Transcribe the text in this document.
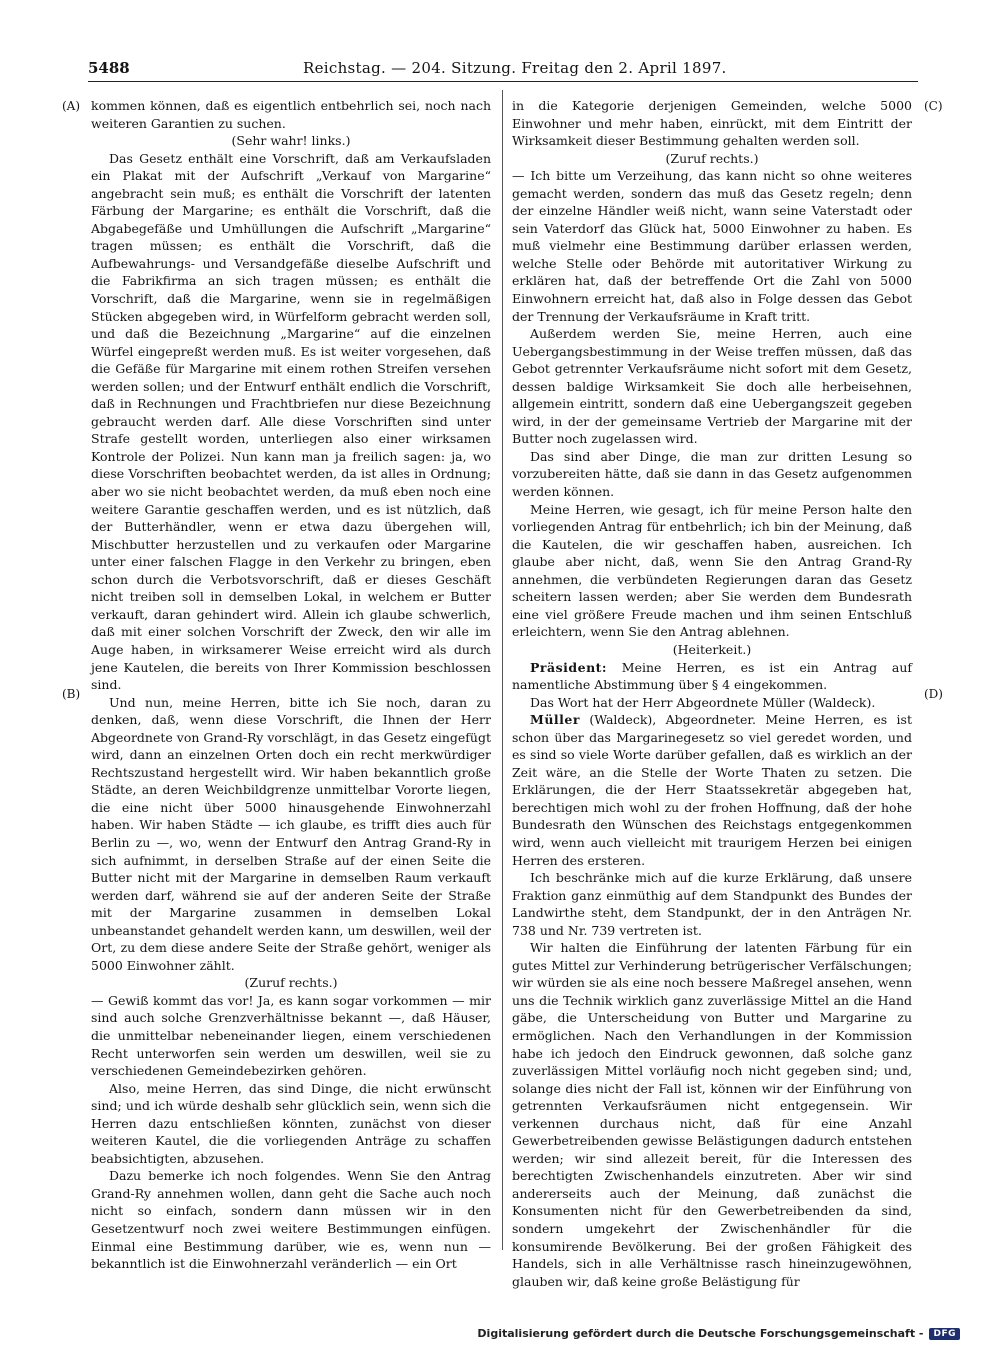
5488	Reichstag. — 204. Sitzung. Freitag den 2. April 1897.
(A)
(B)
(C)
(D)

kommen können, daß es eigentlich entbehrlich sei, noch nach weiteren Garantien zu suchen.

(Sehr wahr! links.)

Das Gesetz enthält eine Vorschrift, daß am Verkaufsladen ein Plakat mit der Aufschrift „Verkauf von Margarine“ angebracht sein muß; es enthält die Vorschrift der latenten Färbung der Margarine; es enthält die Vorschrift, daß die Abgabegefäße und Umhüllungen die Aufschrift „Margarine“ tragen müssen; es enthält die Vorschrift, daß die Aufbewahrungs- und Versandgefäße dieselbe Aufschrift und die Fabrikfirma an sich tragen müssen; es enthält die Vorschrift, daß die Margarine, wenn sie in regelmäßigen Stücken abgegeben wird, in Würfelform gebracht werden soll, und daß die Bezeichnung „Margarine“ auf die einzelnen Würfel eingepreßt werden muß. Es ist weiter vorgesehen, daß die Gefäße für Margarine mit einem rothen Streifen versehen werden sollen; und der Entwurf enthält endlich die Vorschrift, daß in Rechnungen und Frachtbriefen nur diese Bezeichnung gebraucht werden darf. Alle diese Vorschriften sind unter Strafe gestellt worden, unterliegen also einer wirksamen Kontrole der Polizei. Nun kann man ja freilich sagen: ja, wo diese Vorschriften beobachtet werden, da ist alles in Ordnung; aber wo sie nicht beobachtet werden, da muß eben noch eine weitere Garantie geschaffen werden, und es ist nützlich, daß der Butterhändler, wenn er etwa dazu übergehen will, Mischbutter herzustellen und zu verkaufen oder Margarine unter einer falschen Flagge in den Verkehr zu bringen, eben schon durch die Verbotsvorschrift, daß er dieses Geschäft nicht treiben soll in demselben Lokal, in welchem er Butter verkauft, daran gehindert wird. Allein ich glaube schwerlich, daß mit einer solchen Vorschrift der Zweck, den wir alle im Auge haben, in wirksamerer Weise erreicht wird als durch jene Kautelen, die bereits von Ihrer Kommission beschlossen sind.

Und nun, meine Herren, bitte ich Sie noch, daran zu denken, daß, wenn diese Vorschrift, die Ihnen der Herr Abgeordnete von Grand-Ry vorschlägt, in das Gesetz eingefügt wird, dann an einzelnen Orten doch ein recht merkwürdiger Rechtszustand hergestellt wird. Wir haben bekanntlich große Städte, an deren Weichbildgrenze unmittelbar Vororte liegen, die eine nicht über 5000 hinausgehende Einwohnerzahl haben. Wir haben Städte — ich glaube, es trifft dies auch für Berlin zu —, wo, wenn der Entwurf den Antrag Grand-Ry in sich aufnimmt, in derselben Straße auf der einen Seite die Butter nicht mit der Margarine in demselben Raum verkauft werden darf, während sie auf der anderen Seite der Straße mit der Margarine zusammen in demselben Lokal unbeanstandet gehandelt werden kann, um deswillen, weil der Ort, zu dem diese andere Seite der Straße gehört, weniger als 5000 Einwohner zählt.

(Zuruf rechts.)

— Gewiß kommt das vor! Ja, es kann sogar vorkommen — mir sind auch solche Grenzverhältnisse bekannt —, daß Häuser, die unmittelbar nebeneinander liegen, einem verschiedenen Recht unterworfen sein werden um deswillen, weil sie zu verschiedenen Gemeindebezirken gehören.

Also, meine Herren, das sind Dinge, die nicht erwünscht sind; und ich würde deshalb sehr glücklich sein, wenn sich die Herren dazu entschließen könnten, zunächst von dieser weiteren Kautel, die die vorliegenden Anträge zu schaffen beabsichtigten, abzusehen.

Dazu bemerke ich noch folgendes. Wenn Sie den Antrag Grand-Ry annehmen wollen, dann geht die Sache auch noch nicht so einfach, sondern dann müssen wir in den Gesetzentwurf noch zwei weitere Bestimmungen einfügen. Einmal eine Bestimmung darüber, wie es, wenn nun — bekanntlich ist die Einwohnerzahl veränderlich — ein Ort

in die Kategorie derjenigen Gemeinden, welche 5000 Einwohner und mehr haben, einrückt, mit dem Eintritt der Wirksamkeit dieser Bestimmung gehalten werden soll.

(Zuruf rechts.)

— Ich bitte um Verzeihung, das kann nicht so ohne weiteres gemacht werden, sondern das muß das Gesetz regeln; denn der einzelne Händler weiß nicht, wann seine Vaterstadt oder sein Vaterdorf das Glück hat, 5000 Einwohner zu haben. Es muß vielmehr eine Bestimmung darüber erlassen werden, welche Stelle oder Behörde mit autoritativer Wirkung zu erklären hat, daß der betreffende Ort die Zahl von 5000 Einwohnern erreicht hat, daß also in Folge dessen das Gebot der Trennung der Verkaufsräume in Kraft tritt.

Außerdem werden Sie, meine Herren, auch eine Uebergangsbestimmung in der Weise treffen müssen, daß das Gebot getrennter Verkaufsräume nicht sofort mit dem Gesetz, dessen baldige Wirksamkeit Sie doch alle herbeisehnen, allgemein eintritt, sondern daß eine Uebergangszeit gegeben wird, in der der gemeinsame Vertrieb der Margarine mit der Butter noch zugelassen wird.

Das sind aber Dinge, die man zur dritten Lesung so vorzubereiten hätte, daß sie dann in das Gesetz aufgenommen werden können.

Meine Herren, wie gesagt, ich für meine Person halte den vorliegenden Antrag für entbehrlich; ich bin der Meinung, daß die Kautelen, die wir geschaffen haben, ausreichen. Ich glaube aber nicht, daß, wenn Sie den Antrag Grand-Ry annehmen, die verbündeten Regierungen daran das Gesetz scheitern lassen werden; aber Sie werden dem Bundesrath eine viel größere Freude machen und ihm seinen Entschluß erleichtern, wenn Sie den Antrag ablehnen.

(Heiterkeit.)

Präsident: Meine Herren, es ist ein Antrag auf namentliche Abstimmung über § 4 eingekommen.

Das Wort hat der Herr Abgeordnete Müller (Waldeck).

Müller (Waldeck), Abgeordneter. Meine Herren, es ist schon über das Margarinegesetz so viel geredet worden, und es sind so viele Worte darüber gefallen, daß es wirklich an der Zeit wäre, an die Stelle der Worte Thaten zu setzen. Die Erklärungen, die der Herr Staatssekretär abgegeben hat, berechtigen mich wohl zu der frohen Hoffnung, daß der hohe Bundesrath den Wünschen des Reichstags entgegenkommen wird, wenn auch vielleicht mit traurigem Herzen bei einigen Herren des ersteren.

Ich beschränke mich auf die kurze Erklärung, daß unsere Fraktion ganz einmüthig auf dem Standpunkt des Bundes der Landwirthe steht, dem Standpunkt, der in den Anträgen Nr. 738 und Nr. 739 vertreten ist.

Wir halten die Einführung der latenten Färbung für ein gutes Mittel zur Verhinderung betrügerischer Verfälschungen; wir würden sie als eine noch bessere Maßregel ansehen, wenn uns die Technik wirklich ganz zuverlässige Mittel an die Hand gäbe, die Unterscheidung von Butter und Margarine zu ermöglichen. Nach den Verhandlungen in der Kommission habe ich jedoch den Eindruck gewonnen, daß solche ganz zuverlässigen Mittel vorläufig noch nicht gegeben sind; und, solange dies nicht der Fall ist, können wir der Einführung von getrennten Verkaufsräumen nicht entgegensein. Wir verkennen durchaus nicht, daß für eine Anzahl Gewerbetreibenden gewisse Belästigungen dadurch entstehen werden; wir sind allezeit bereit, für die Interessen des berechtigten Zwischenhandels einzutreten. Aber wir sind andererseits auch der Meinung, daß zunächst die Konsumenten nicht für den Gewerbetreibenden da sind, sondern umgekehrt der Zwischenhändler für die konsumirende Bevölkerung. Bei der großen Fähigkeit des Handels, sich in alle Verhältnisse rasch hineinzugewöhnen, glauben wir, daß keine große Belästigung für

Digitalisierung gefördert durch die Deutsche Forschungsgemeinschaft -	DFG
